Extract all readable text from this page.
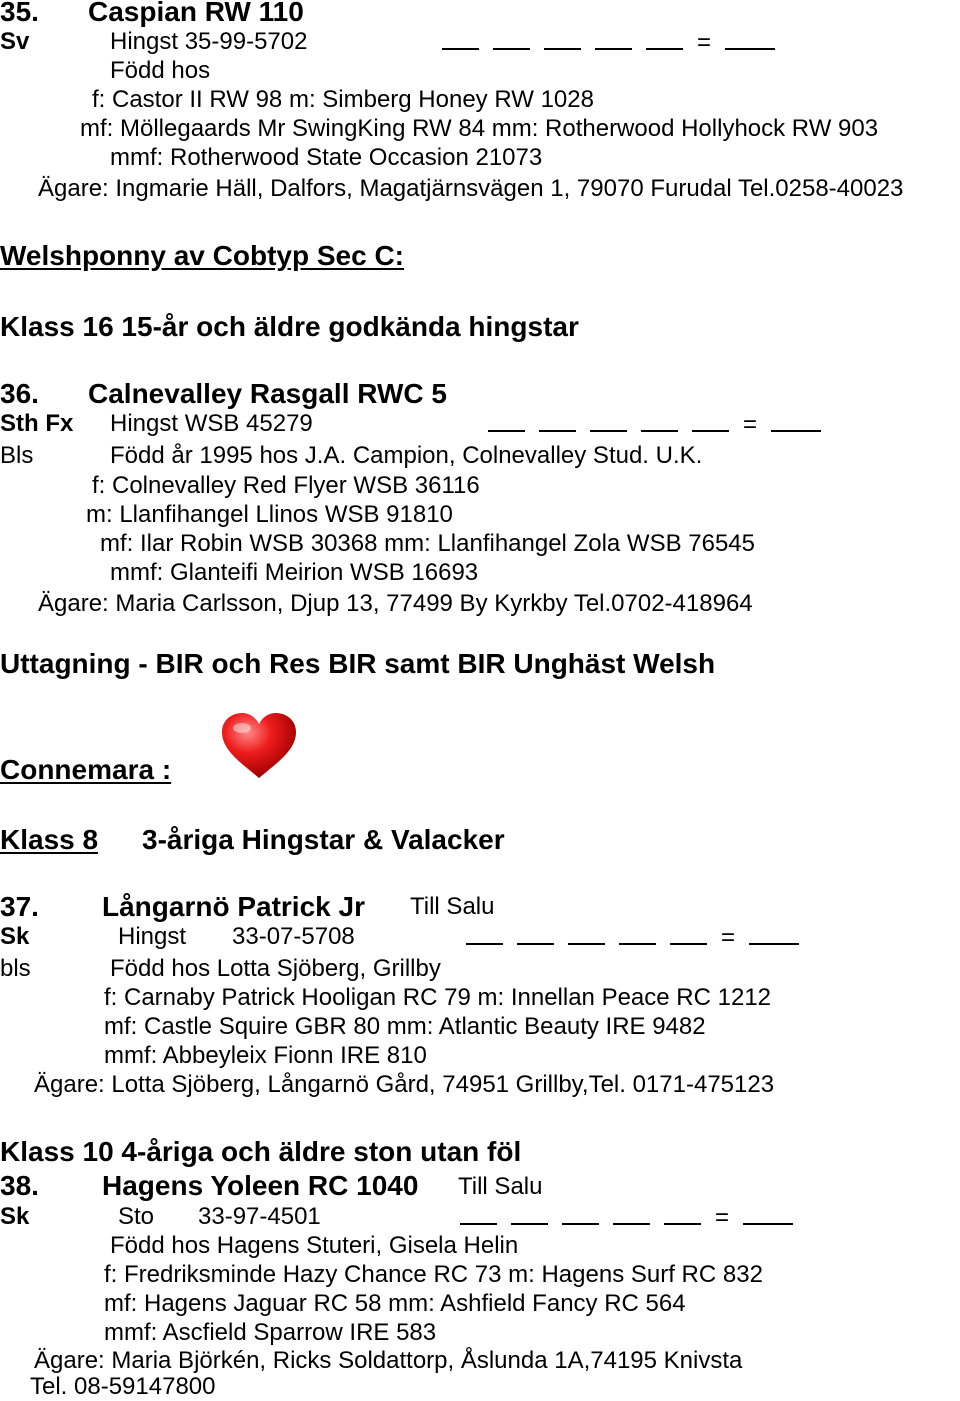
35. Caspian RW 110
Sv	Hingst 35-99-5702	=
Född hos
f: Castor II RW 98 m: Simberg Honey RW 1028
mf: Möllegaards Mr SwingKing RW 84 mm: Rotherwood Hollyhock RW 903
mmf: Rotherwood State Occasion 21073
Ägare: Ingmarie Häll, Dalfors, Magatjärnsvägen 1, 79070 Furudal Tel.0258-40023
Welshponny av Cobtyp Sec C:
Klass 16 15-år och äldre godkända hingstar
36. Calnevalley Rasgall RWC 5
Sth Fx Hingst WSB 45279	=
Bls	Född år 1995 hos J.A. Campion, Colnevalley Stud. U.K.
f: Colnevalley Red Flyer WSB 36116
m: Llanfihangel Llinos WSB 91810
mf: Ilar Robin WSB 30368 mm: Llanfihangel Zola WSB 76545
mmf: Glanteifi Meirion WSB 16693
Ägare: Maria Carlsson, Djup 13, 77499 By Kyrkby Tel.0702-418964
Uttagning - BIR och Res BIR samt BIR Unghäst Welsh
Connemara :
Klass 8 3-åriga Hingstar & Valacker
37. Långarnö Patrick Jr Till Salu
Sk	Hingst 33-07-5708	=
bls	Född hos Lotta Sjöberg, Grillby
f: Carnaby Patrick Hooligan RC 79 m: Innellan Peace RC 1212
mf: Castle Squire GBR 80 mm: Atlantic Beauty IRE 9482
mmf: Abbeyleix Fionn IRE 810
Ägare: Lotta Sjöberg, Långarnö Gård, 74951 Grillby,Tel. 0171-475123
Klass 10 4-åriga och äldre ston utan föl
38. Hagens Yoleen RC 1040 Till Salu
Sk	Sto 33-97-4501	=
Född hos Hagens Stuteri, Gisela Helin
f: Fredriksminde Hazy Chance RC 73 m: Hagens Surf RC 832
mf: Hagens Jaguar RC 58 mm: Ashfield Fancy RC 564
mmf: Ascfield Sparrow IRE 583
Ägare: Maria Björkén, Ricks Soldattorp, Åslunda 1A,74195 Knivsta
Tel. 08-59147800
